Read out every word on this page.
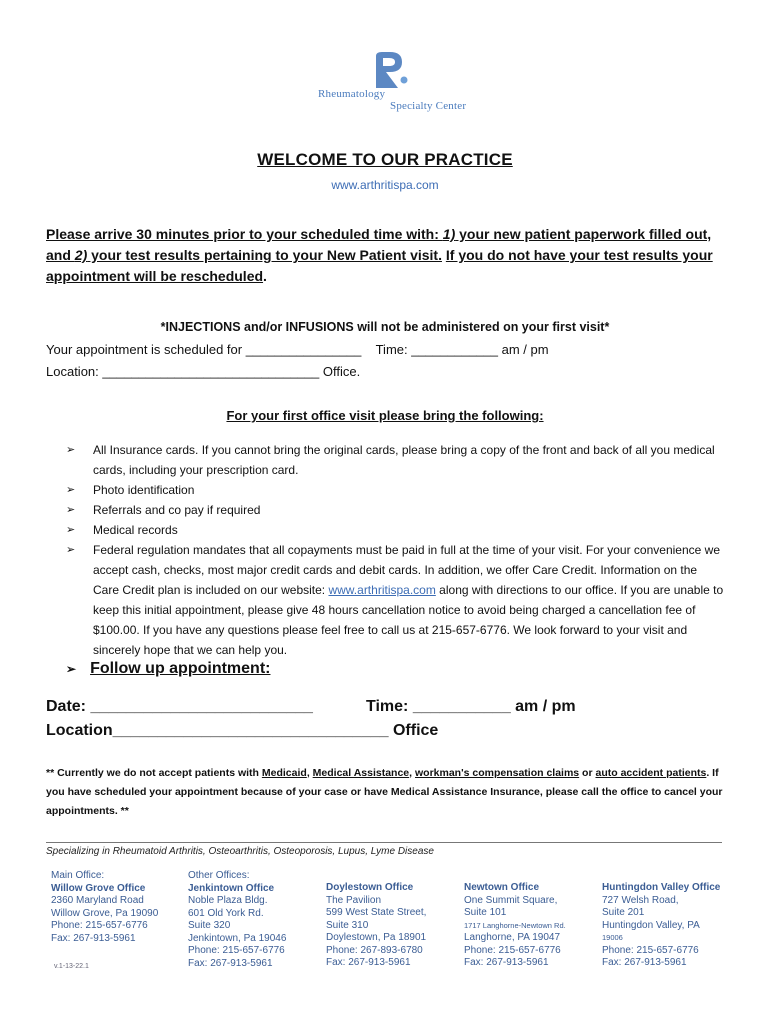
Rheumatology
Specialty Center
WELCOME TO OUR PRACTICE
www.arthritispa.com
Please arrive 30 minutes prior to your scheduled time with: 1) your new patient paperwork filled out, and 2) your test results pertaining to your New Patient visit. If you do not have your test results your appointment will be rescheduled.
*INJECTIONS and/or INFUSIONS will not be administered on your first visit*
Your appointment is scheduled for ________________    Time: ____________ am / pm
Location: ______________________________ Office.
For your first office visit please bring the following:
➢ All Insurance cards. If you cannot bring the original cards, please bring a copy of the front and back of all you medical cards, including your prescription card.
➢ Photo identification
➢ Referrals and co pay if required
➢ Medical records
➢ Federal regulation mandates that all copayments must be paid in full at the time of your visit. For your convenience we accept cash, checks, most major credit cards and debit cards. In addition, we offer Care Credit. Information on the Care Credit plan is included on our website: www.arthritispa.com along with directions to our office. If you are unable to keep this initial appointment, please give 48 hours cancellation notice to avoid being charged a cancellation fee of $100.00. If you have any questions please feel free to call us at 215-657-6776. We look forward to your visit and sincerely hope that we can help you.
➢ Follow up appointment:
Date: _________________________	Time: ___________ am / pm
Location_______________________________ Office
** Currently we do not accept patients with Medicaid, Medical Assistance, workman's compensation claims or auto accident patients. If you have scheduled your appointment because of your case or have Medical Assistance Insurance, please call the office to cancel your appointments. **
Specializing in Rheumatoid Arthritis, Osteoarthritis, Osteoporosis, Lupus, Lyme Disease
Main Office:
Willow Grove Office
2360 Maryland Road
Willow Grove, Pa 19090
Phone: 215-657-6776
Fax: 267-913-5961
Other Offices:
Jenkintown Office
Noble Plaza Bldg.
601 Old York Rd.
Suite 320
Jenkintown, Pa 19046
Phone: 215-657-6776
Fax: 267-913-5961
Doylestown Office
The Pavilion
599 West State Street,
Suite 310
Doylestown, Pa 18901
Phone: 267-893-6780
Fax: 267-913-5961
Newtown Office
One Summit Square,
Suite 101
1717 Langhorne-Newtown Rd.
Langhorne, PA 19047
Phone: 215-657-6776
Fax: 267-913-5961
Huntingdon Valley Office
727 Welsh Road,
Suite 201
Huntingdon Valley, PA
19006
Phone: 215-657-6776
Fax: 267-913-5961
v.1-13-22.1
